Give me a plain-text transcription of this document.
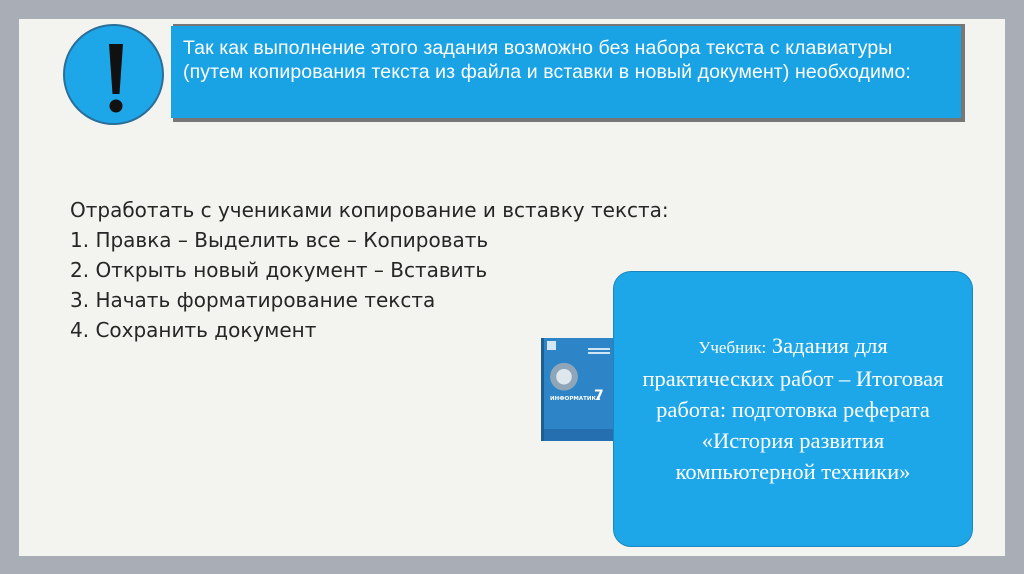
Так как выполнение этого задания возможно без набора текста с клавиатуры (путем копирования текста из файла и вставки в новый документ) необходимо:
Отработать с учениками копирование и вставку текста:
1. Правка – Выделить все – Копировать
2. Открыть новый документ – Вставить
3. Начать форматирование текста
4. Сохранить документ
ИНФОРМАТИКА
7
Учебник: Задания для практических работ – Итоговая работа: подготовка реферата «История развития компьютерной техники»
